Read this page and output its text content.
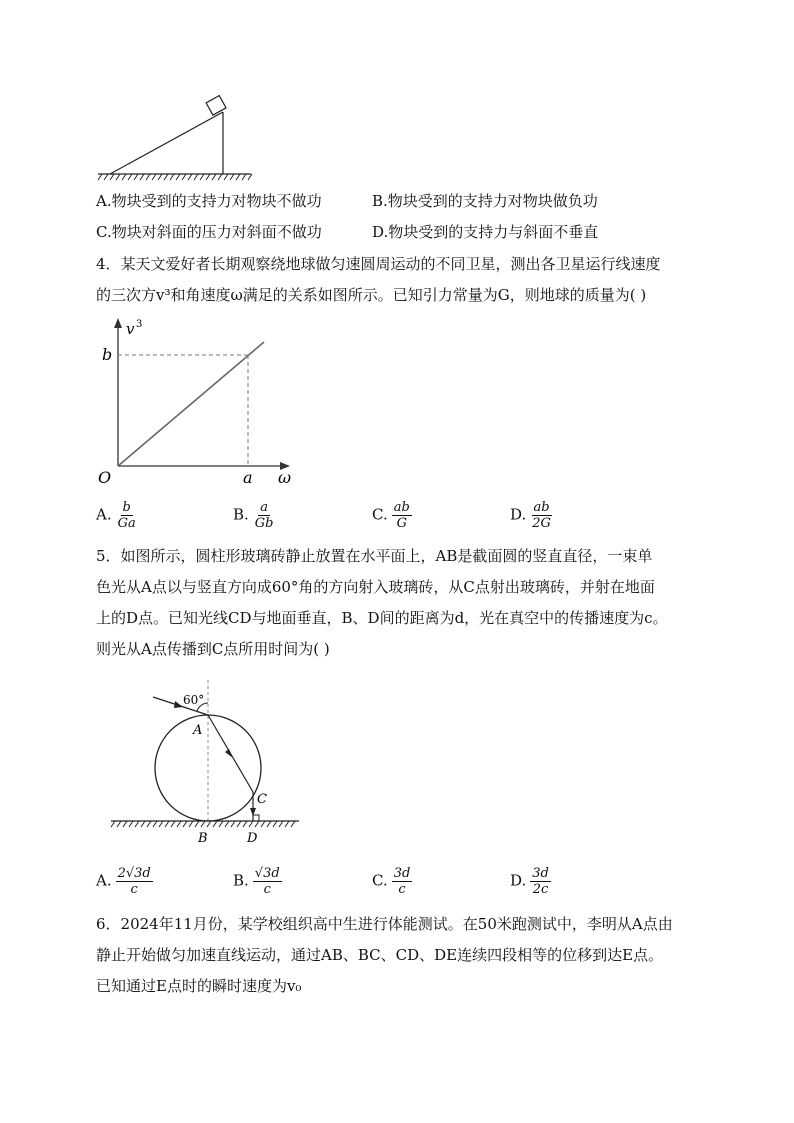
A.物块受到的支持力对物块不做功	B.物块受到的支持力对物块做负功
C.物块对斜面的压力对斜面不做功	D.物块受到的支持力与斜面不垂直
4．某天文爱好者长期观察绕地球做匀速圆周运动的不同卫星，测出各卫星运行线速度
的三次方v³和角速度ω满足的关系如图所示。已知引力常量为G，则地球的质量为( )
v 3
b
O	a ω
A. $\frac{b}{Ga}$	B. $\frac{a}{Gb}$	C. $\frac{ab}{G}$	D. $\frac{ab}{2G}$
5．如图所示，圆柱形玻璃砖静止放置在水平面上，AB是截面圆的竖直直径，一束单
色光从A点以与竖直方向成60°角的方向射入玻璃砖，从C点射出玻璃砖，并射在地面
上的D点。已知光线CD与地面垂直，B、D间的距离为d，光在真空中的传播速度为c。
则光从A点传播到C点所用时间为( )
60°
A
B
C
D
A. $\frac{2√3d}{c}$	B. $\frac{√3d}{c}$	C. $\frac{3d}{c}$	D. $\frac{3d}{2c}$
6．2024年11月份，某学校组织高中生进行体能测试。在50米跑测试中，李明从A点由
静止开始做匀加速直线运动，通过AB、BC、CD、DE连续四段相等的位移到达E点。
已知通过E点时的瞬时速度为v₀
